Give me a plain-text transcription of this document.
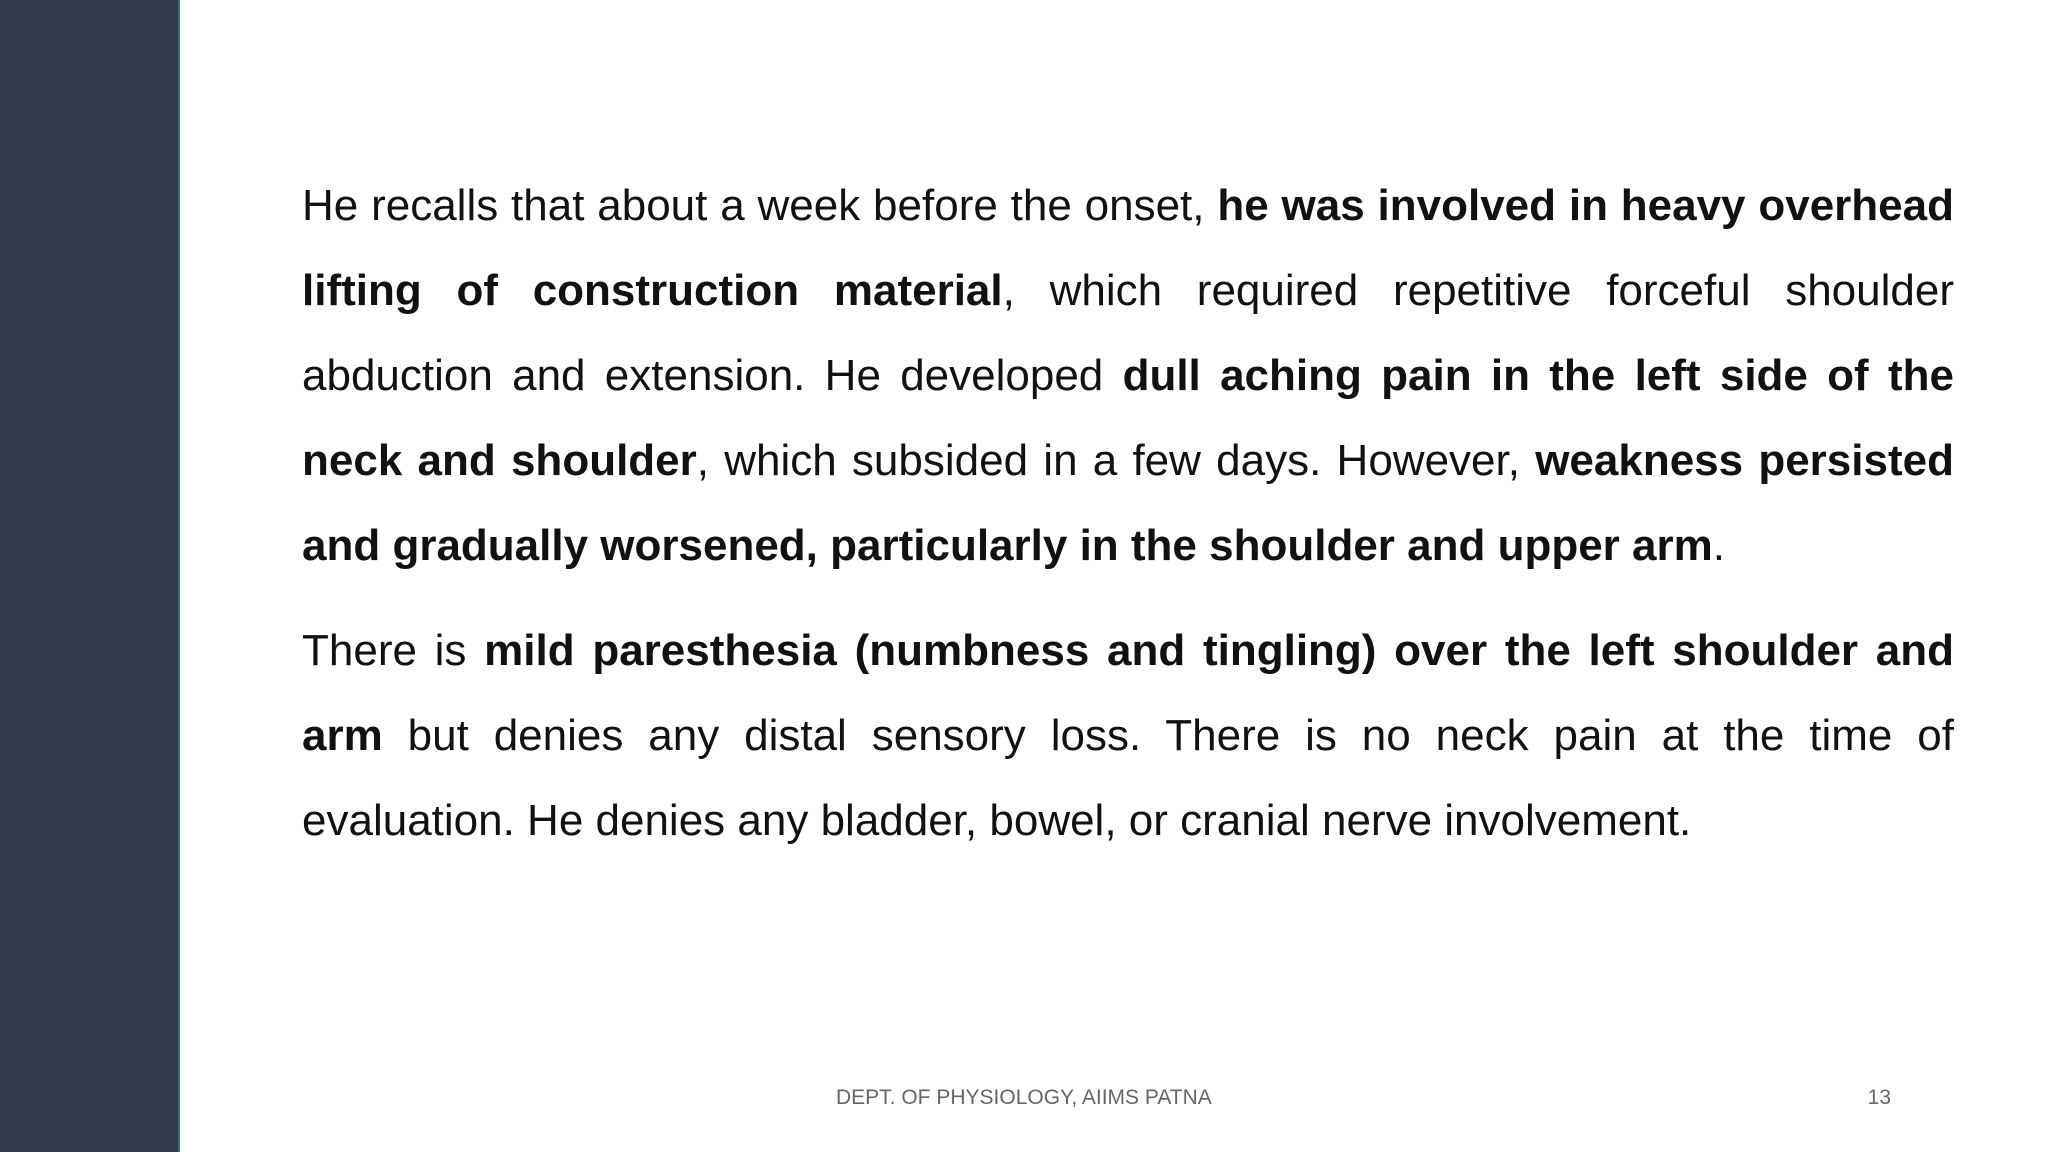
He recalls that about a week before the onset, he was involved in heavy overhead lifting of construction material, which required repetitive forceful shoulder abduction and extension. He developed dull aching pain in the left side of the neck and shoulder, which subsided in a few days. However, weakness persisted and gradually worsened, particularly in the shoulder and upper arm.

There is mild paresthesia (numbness and tingling) over the left shoulder and arm but denies any distal sensory loss. There is no neck pain at the time of evaluation. He denies any bladder, bowel, or cranial nerve involvement.

DEPT. OF PHYSIOLOGY, AIIMS PATNA	13
